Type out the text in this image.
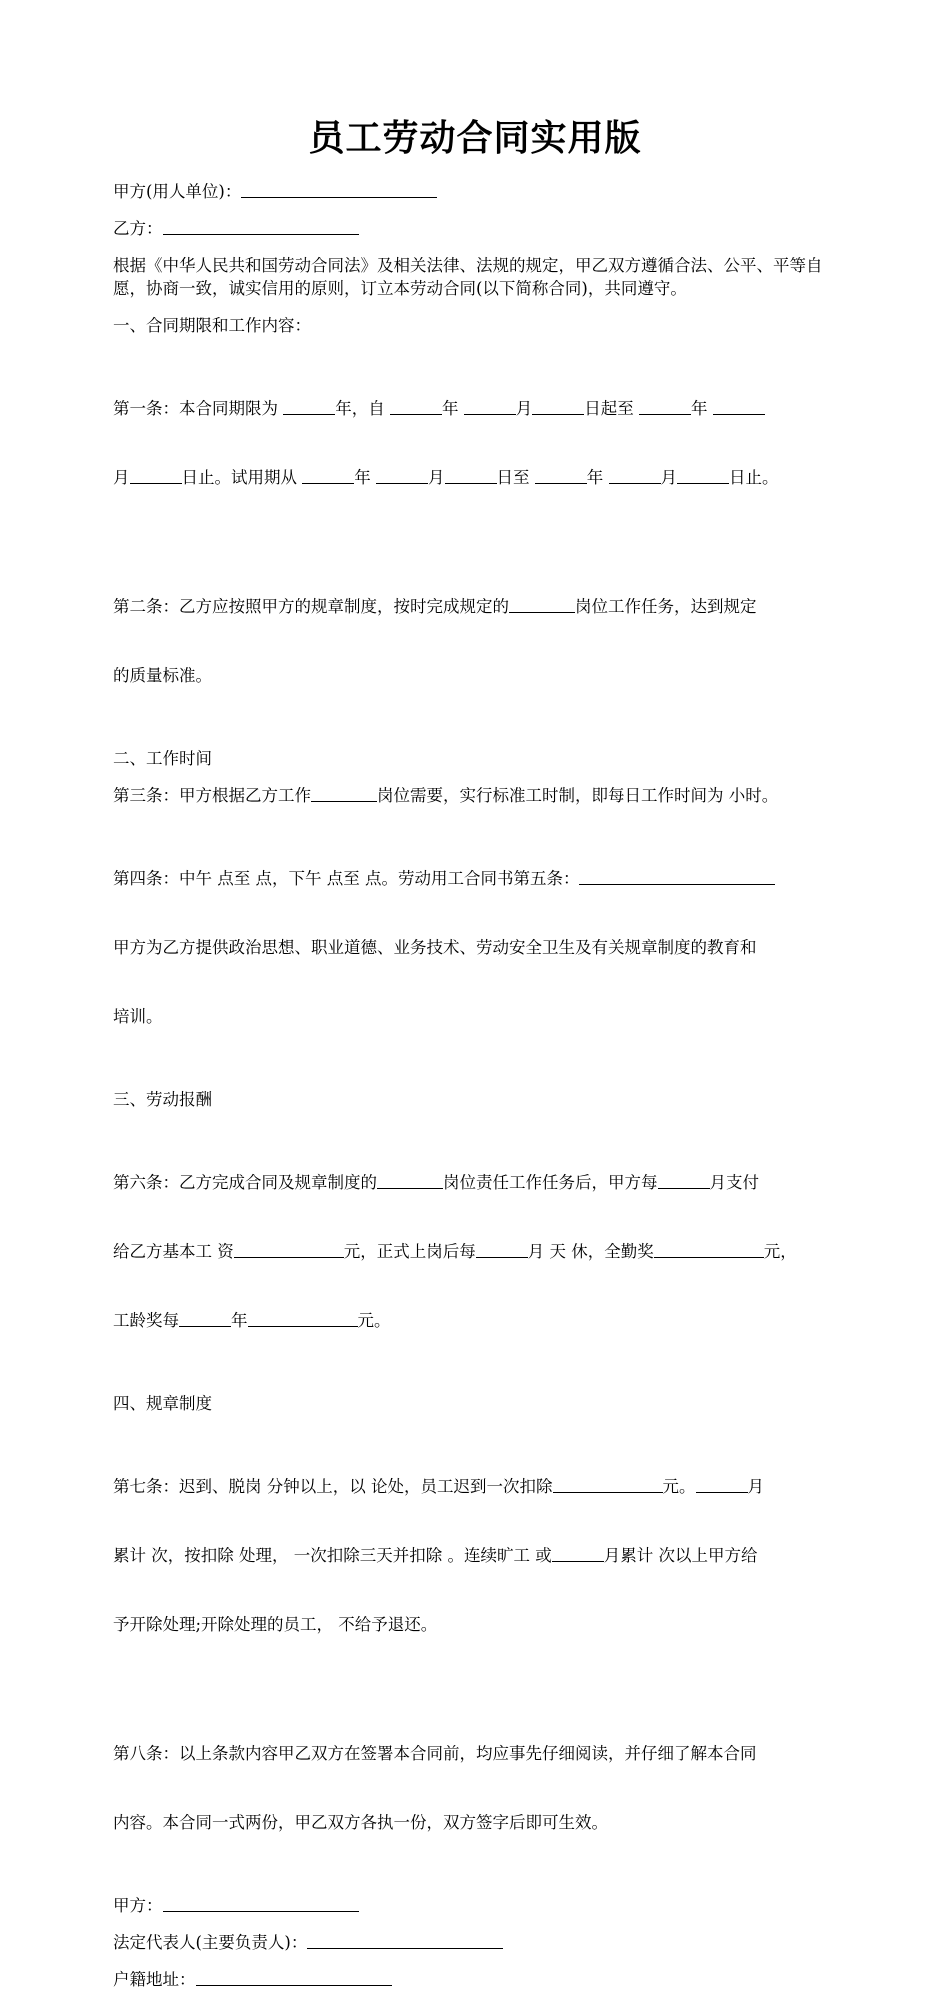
员工劳动合同实用版

甲方(用人单位)：

乙方：

根据《中华人民共和国劳动合同法》及相关法律、法规的规定，甲乙双方遵循合法、公平、平等自愿，协商一致，诚实信用的原则，订立本劳动合同(以下简称合同)，共同遵守。

一、合同期限和工作内容：

第一条：本合同期限为	年，自	年	月	日起至	年

月	日止。试用期从	年	月	日至	年	月	日止。

第二条：乙方应按照甲方的规章制度，按时完成规定的	岗位工作任务，达到规定

的质量标准。

二、工作时间

第三条：甲方根据乙方工作	岗位需要，实行标准工时制，即每日工作时间为 小时。

第四条：中午 点至 点，下午 点至 点。劳动用工合同书第五条：

甲方为乙方提供政治思想、职业道德、业务技术、劳动安全卫生及有关规章制度的教育和

培训。

三、劳动报酬

第六条：乙方完成合同及规章制度的	岗位责任工作任务后，甲方每	月支付

给乙方基本工 资	元，正式上岗后每	月 天 休，全勤奖	元，

工龄奖每	年	元。

四、规章制度

第七条：迟到、脱岗 分钟以上，以 论处，员工迟到一次扣除	元。	月

累计 次，按扣除 处理， 一次扣除三天并扣除 。连续旷工 或	月累计 次以上甲方给

予开除处理;开除处理的员工， 不给予退还。

第八条：以上条款内容甲乙双方在签署本合同前，均应事先仔细阅读，并仔细了解本合同

内容。本合同一式两份，甲乙双方各执一份，双方签字后即可生效。

甲方：

法定代表人(主要负责人)：

户籍地址：
